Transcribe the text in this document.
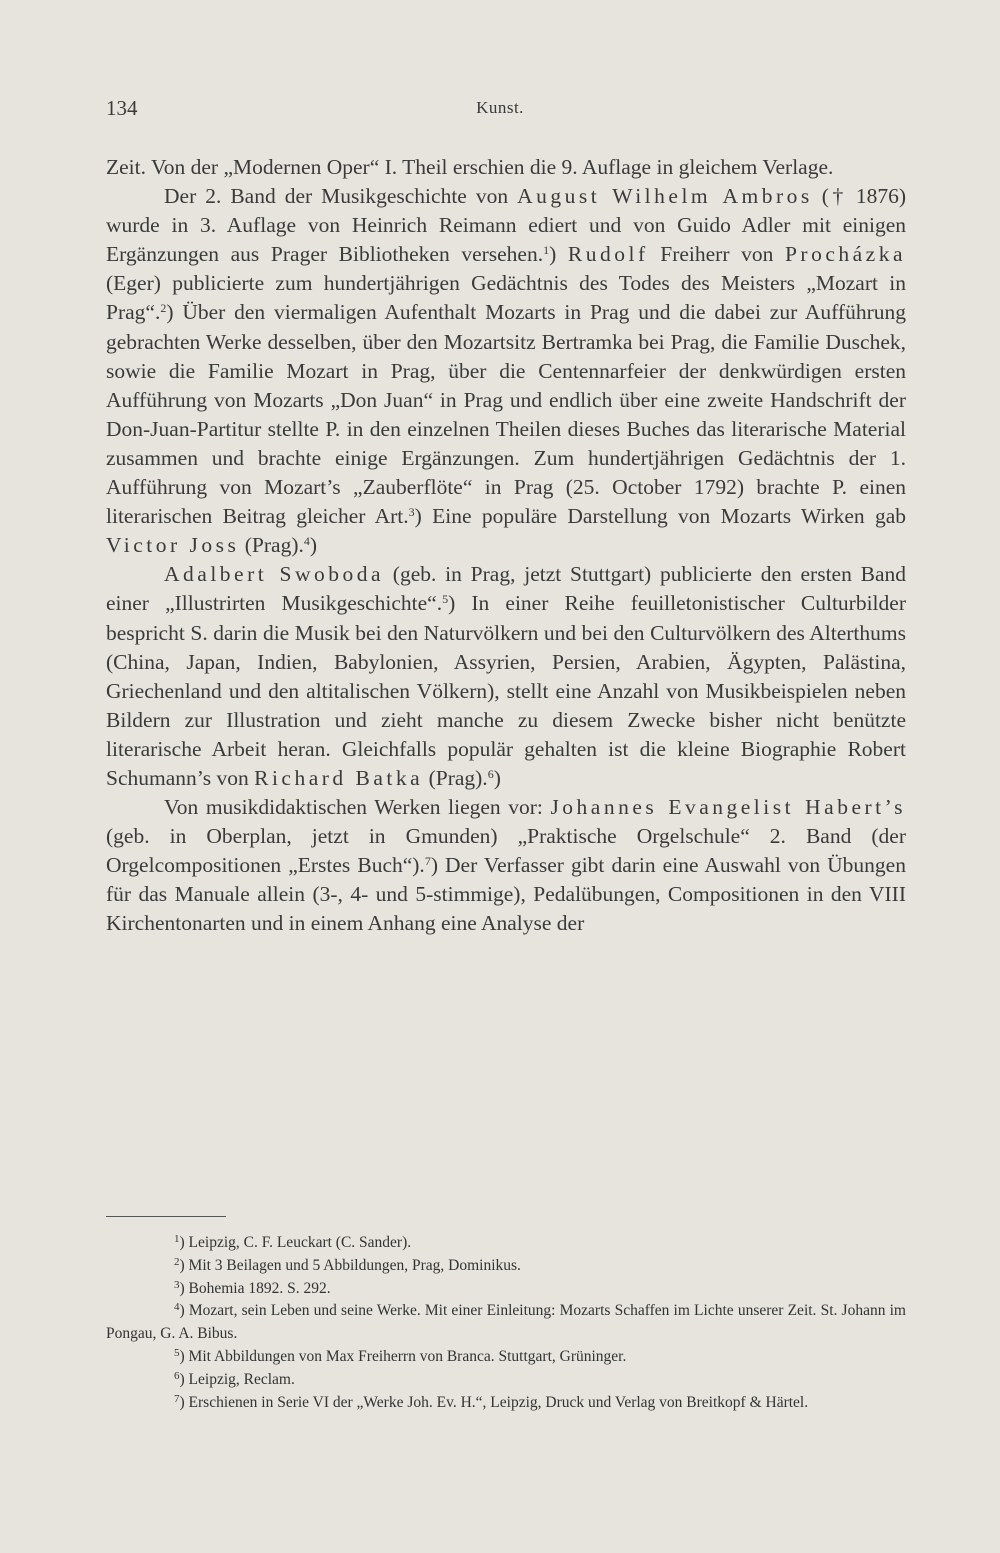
134	Kunst.

Zeit. Von der „Modernen Oper“ I. Theil erschien die 9. Auflage in gleichem Verlage.

Der 2. Band der Musikgeschichte von August Wilhelm Ambros († 1876) wurde in 3. Auflage von Heinrich Reimann ediert und von Guido Adler mit einigen Ergänzungen aus Prager Bibliotheken versehen.$^1$) Rudolf Freiherr von Procházka (Eger) publicierte zum hundertjährigen Gedächtnis des Todes des Meisters „Mozart in Prag“.$^2$) Über den viermaligen Aufenthalt Mozarts in Prag und die dabei zur Aufführung gebrachten Werke desselben, über den Mozartsitz Bertramka bei Prag, die Familie Duschek, sowie die Familie Mozart in Prag, über die Centennarfeier der denkwürdigen ersten Aufführung von Mozarts „Don Juan“ in Prag und endlich über eine zweite Handschrift der Don-Juan-Partitur stellte P. in den einzelnen Theilen dieses Buches das literarische Material zusammen und brachte einige Ergänzungen. Zum hundertjährigen Gedächtnis der 1. Aufführung von Mozart’s „Zauberflöte“ in Prag (25. October 1792) brachte P. einen literarischen Beitrag gleicher Art.$^3$) Eine populäre Darstellung von Mozarts Wirken gab Victor Joss (Prag).$^4$)

Adalbert Swoboda (geb. in Prag, jetzt Stuttgart) publicierte den ersten Band einer „Illustrirten Musikgeschichte“.$^5$) In einer Reihe feuilletonistischer Culturbilder bespricht S. darin die Musik bei den Naturvölkern und bei den Culturvölkern des Alterthums (China, Japan, Indien, Babylonien, Assyrien, Persien, Arabien, Ägypten, Palästina, Griechenland und den altitalischen Völkern), stellt eine Anzahl von Musikbeispielen neben Bildern zur Illustration und zieht manche zu diesem Zwecke bisher nicht benützte literarische Arbeit heran. Gleichfalls populär gehalten ist die kleine Biographie Robert Schumann’s von Richard Batka (Prag).$^6$)

Von musikdidaktischen Werken liegen vor: Johannes Evangelist Habert’s (geb. in Oberplan, jetzt in Gmunden) „Praktische Orgelschule“ 2. Band (der Orgelcompositionen „Erstes Buch“).$^7$) Der Verfasser gibt darin eine Auswahl von Übungen für das Manuale allein (3-, 4- und 5-stimmige), Pedalübungen, Compositionen in den VIII Kirchentonarten und in einem Anhang eine Analyse der

$^1$) Leipzig, C. F. Leuckart (C. Sander).

$^2$) Mit 3 Beilagen und 5 Abbildungen, Prag, Dominikus.

$^3$) Bohemia 1892. S. 292.

$^4$) Mozart, sein Leben und seine Werke. Mit einer Einleitung: Mozarts Schaffen im Lichte unserer Zeit. St. Johann im Pongau, G. A. Bibus.

$^5$) Mit Abbildungen von Max Freiherrn von Branca. Stuttgart, Grüninger.

$^6$) Leipzig, Reclam.

$^7$) Erschienen in Serie VI der „Werke Joh. Ev. H.“, Leipzig, Druck und Verlag von Breitkopf & Härtel.
